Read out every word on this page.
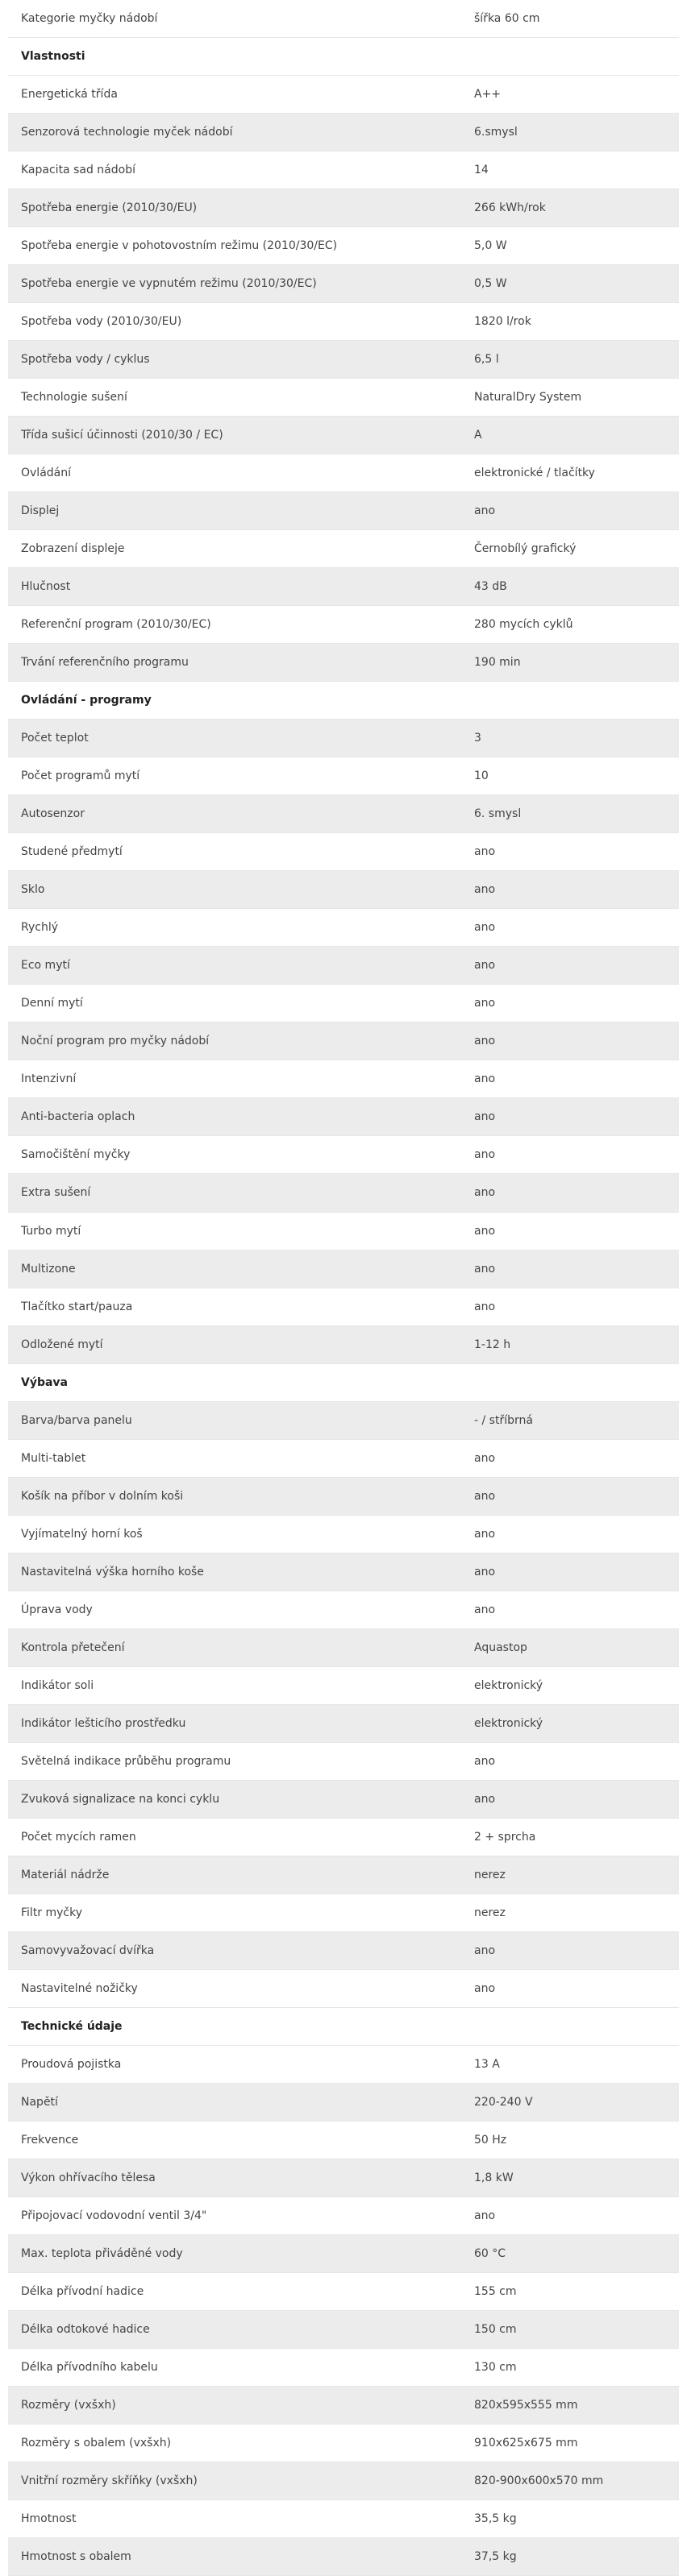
Kategorie myčky nádobí	šířka 60 cm
Vlastnosti
Energetická třída	A++
Senzorová technologie myček nádobí	6.smysl
Kapacita sad nádobí	14
Spotřeba energie (2010/30/EU)	266 kWh/rok
Spotřeba energie v pohotovostním režimu (2010/30/EC)	5,0 W
Spotřeba energie ve vypnutém režimu (2010/30/EC)	0,5 W
Spotřeba vody (2010/30/EU)	1820 l/rok
Spotřeba vody / cyklus	6,5 l
Technologie sušení	NaturalDry System
Třída sušicí účinnosti (2010/30 / EC)	A
Ovládání	elektronické / tlačítky
Displej	ano
Zobrazení displeje	Černobílý grafický
Hlučnost	43 dB
Referenční program (2010/30/EC)	280 mycích cyklů
Trvání referenčního programu	190 min
Ovládání - programy
Počet teplot	3
Počet programů mytí	10
Autosenzor	6. smysl
Studené předmytí	ano
Sklo	ano
Rychlý	ano
Eco mytí	ano
Denní mytí	ano
Noční program pro myčky nádobí	ano
Intenzivní	ano
Anti-bacteria oplach	ano
Samočištění myčky	ano
Extra sušení	ano
Turbo mytí	ano
Multizone	ano
Tlačítko start/pauza	ano
Odložené mytí	1-12 h
Výbava
Barva/barva panelu	- / stříbrná
Multi-tablet	ano
Košík na příbor v dolním koši	ano
Vyjímatelný horní koš	ano
Nastavitelná výška horního koše	ano
Úprava vody	ano
Kontrola přetečení	Aquastop
Indikátor soli	elektronický
Indikátor lešticího prostředku	elektronický
Světelná indikace průběhu programu	ano
Zvuková signalizace na konci cyklu	ano
Počet mycích ramen	2 + sprcha
Materiál nádrže	nerez
Filtr myčky	nerez
Samovyvažovací dvířka	ano
Nastavitelné nožičky	ano
Technické údaje
Proudová pojistka	13 A
Napětí	220-240 V
Frekvence	50 Hz
Výkon ohřívacího tělesa	1,8 kW
Připojovací vodovodní ventil 3/4"	ano
Max. teplota přiváděné vody	60 °C
Délka přívodní hadice	155 cm
Délka odtokové hadice	150 cm
Délka přívodního kabelu	130 cm
Rozměry (vxšxh)	820x595x555 mm
Rozměry s obalem (vxšxh)	910x625x675 mm
Vnitřní rozměry skříňky (vxšxh)	820-900x600x570 mm
Hmotnost	35,5 kg
Hmotnost s obalem	37,5 kg
